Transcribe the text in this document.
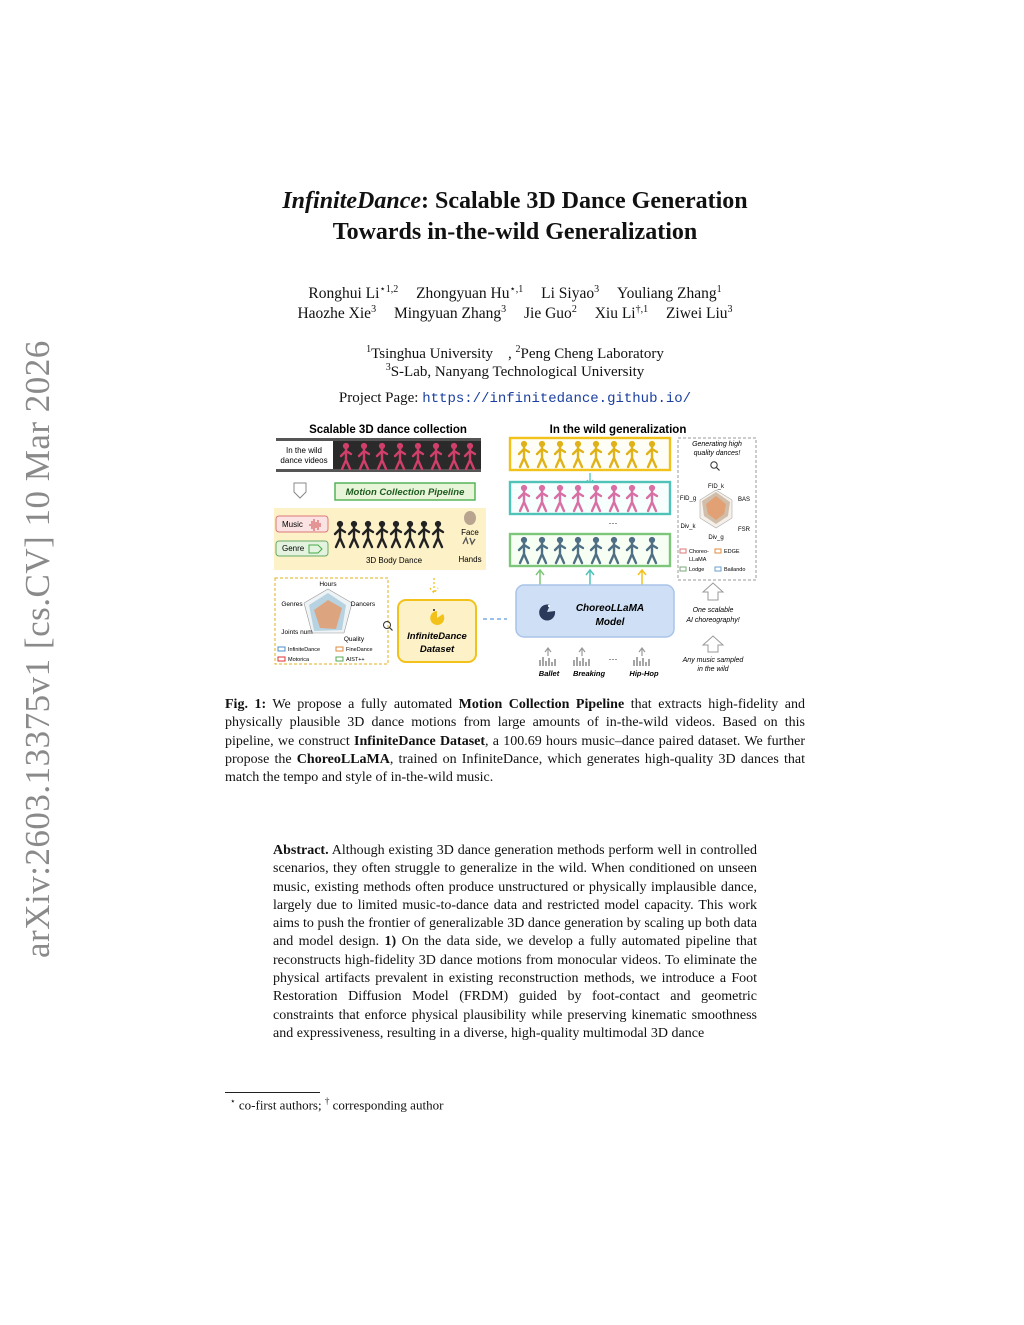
arXiv:2603.13375v1 [cs.CV] 10 Mar 2026
InfiniteDance: Scalable 3D Dance Generation
Towards in-the-wild Generalization
Ronghui $Li^{⋆1,2}$ Zhongyuan $Hu^{⋆,1}$ Li Siyao$^3$ Youliang Zhang$^1$
Haozhe Xie$^3$ Mingyuan Zhang$^3$ Jie Guo$^2$ Xiu $Li^{\dagger,1}$ Ziwei Liu$^3$
$^1$Tsinghua University , $^2$Peng Cheng Laboratory
$^3$S-Lab, Nanyang Technological University
Project Page: https://infinitedance.github.io/
Scalable 3D dance collection
In the wild
dance videos
Motion Collection Pipeline
Music
Genre
3D Body Dance
Face
Hands
Hours
Dancers
Quality
Joints num
Genres
InfiniteDance	FineDance
Motorica	AIST++
InfiniteDance
Dataset
In the wild generalization
···
ChoreoLLaMA
Model
···
Ballet Breaking	Hip-Hop
Generating high
quality dances!
FID_k
BAS
FSR
Div_g
Div_k
FID_g
Choreo-
LLaMA
EDGE
Lodge	Bailando
One scalable
AI choreography!
Any music sampled
in the wild
Fig. 1: We propose a fully automated Motion Collection Pipeline that extracts high-fidelity and physically plausible 3D dance motions from large amounts of in-the-wild videos. Based on this pipeline, we construct InfiniteDance Dataset, a 100.69 hours music–dance paired dataset. We further propose the ChoreoLLaMA, trained on InfiniteDance, which generates high-quality 3D dances that match the tempo and style of in-the-wild music.
Abstract. Although existing 3D dance generation methods perform well in controlled scenarios, they often struggle to generalize in the wild. When conditioned on unseen music, existing methods often produce unstructured or physically implausible dance, largely due to limited music-to-dance data and restricted model capacity. This work aims to push the frontier of generalizable 3D dance generation by scaling up both data and model design. 1) On the data side, we develop a fully automated pipeline that reconstructs high-fidelity 3D dance motions from monocular videos. To eliminate the physical artifacts prevalent in existing reconstruction methods, we introduce a Foot Restoration Diffusion Model (FRDM) guided by foot-contact and geometric constraints that enforce physical plausibility while preserving kinematic smoothness and expressiveness, resulting in a diverse, high-quality multimodal 3D dance
⋆ co-first authors; † corresponding author
